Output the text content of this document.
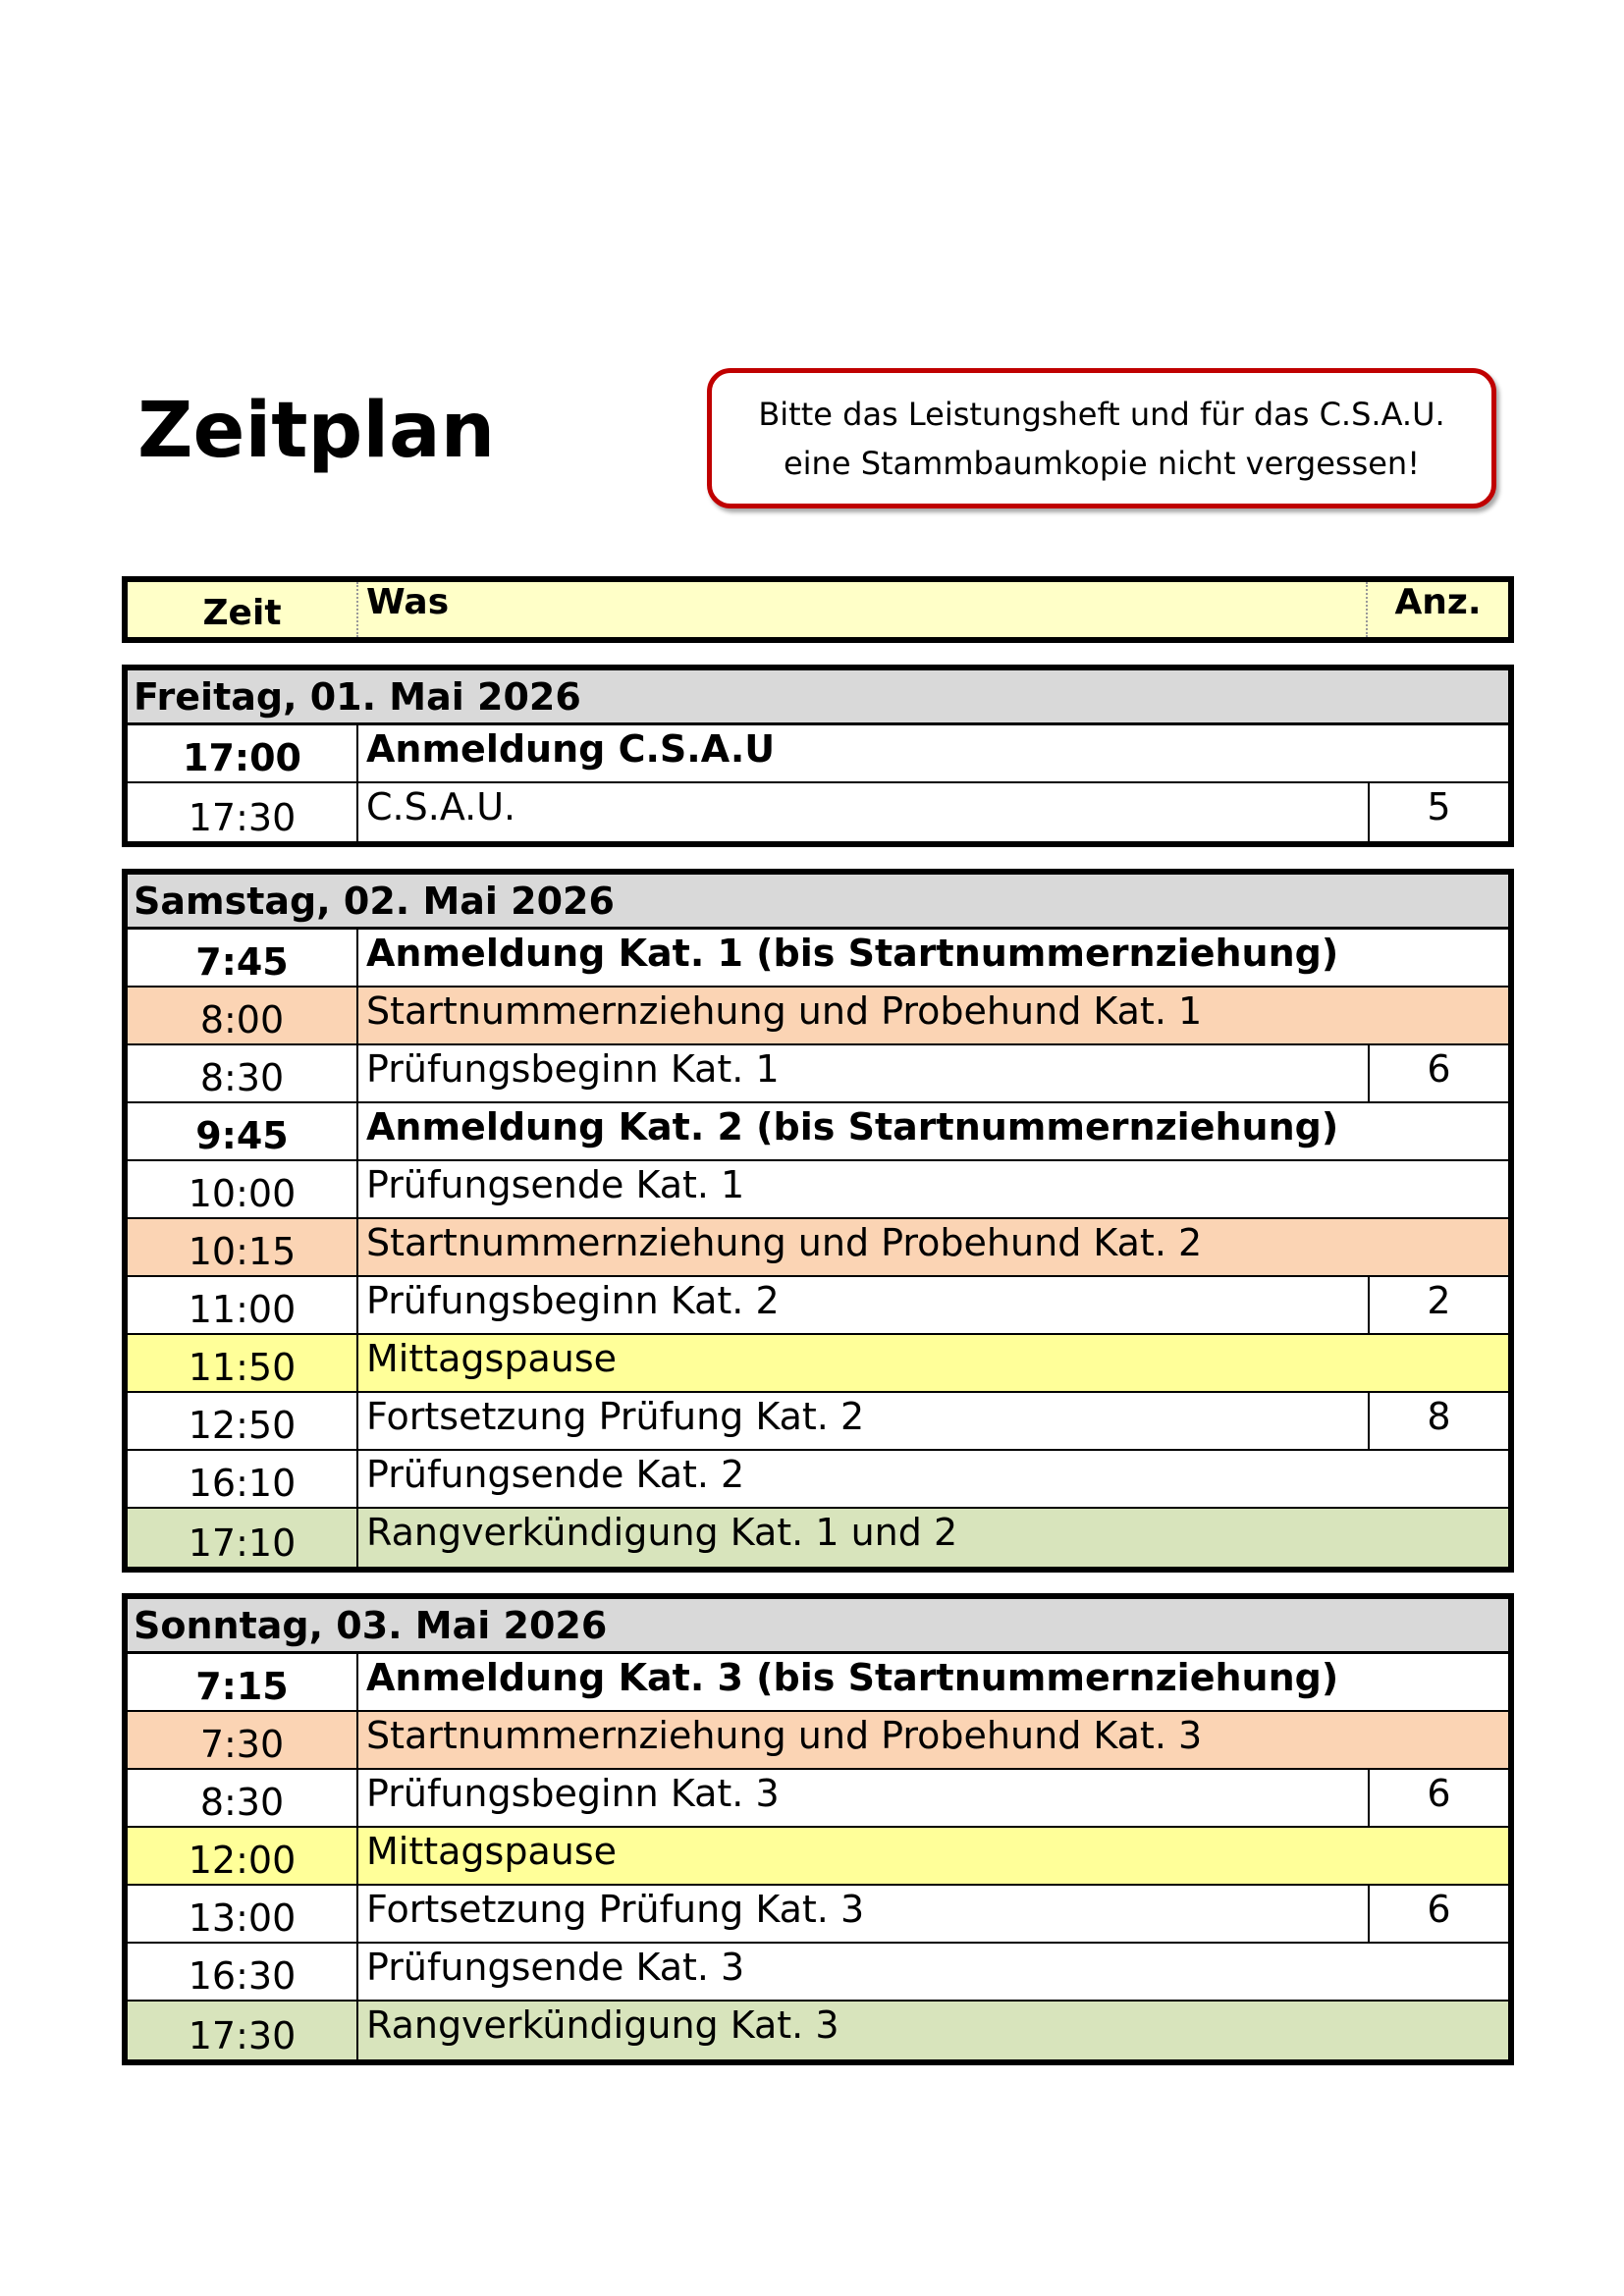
Zeitplan	Bitte das Leistungsheft und für das C.S.A.U.
eine Stammbaumkopie nicht vergessen!
Zeit	Was	Anz.
Freitag, 01. Mai 2026
17:00	Anmeldung C.S.A.U
17:30	C.S.A.U.	5
Samstag, 02. Mai 2026
7:45	Anmeldung Kat. 1 (bis Startnummernziehung)
8:00	Startnummernziehung und Probehund Kat. 1
8:30	Prüfungsbeginn Kat. 1	6
9:45	Anmeldung Kat. 2 (bis Startnummernziehung)
10:00	Prüfungsende Kat. 1
10:15	Startnummernziehung und Probehund Kat. 2
11:00	Prüfungsbeginn Kat. 2	2
11:50	Mittagspause
12:50	Fortsetzung Prüfung Kat. 2	8
16:10	Prüfungsende Kat. 2
17:10	Rangverkündigung Kat. 1 und 2
Sonntag, 03. Mai 2026
7:15	Anmeldung Kat. 3 (bis Startnummernziehung)
7:30	Startnummernziehung und Probehund Kat. 3
8:30	Prüfungsbeginn Kat. 3	6
12:00	Mittagspause
13:00	Fortsetzung Prüfung Kat. 3	6
16:30	Prüfungsende Kat. 3
17:30	Rangverkündigung Kat. 3
